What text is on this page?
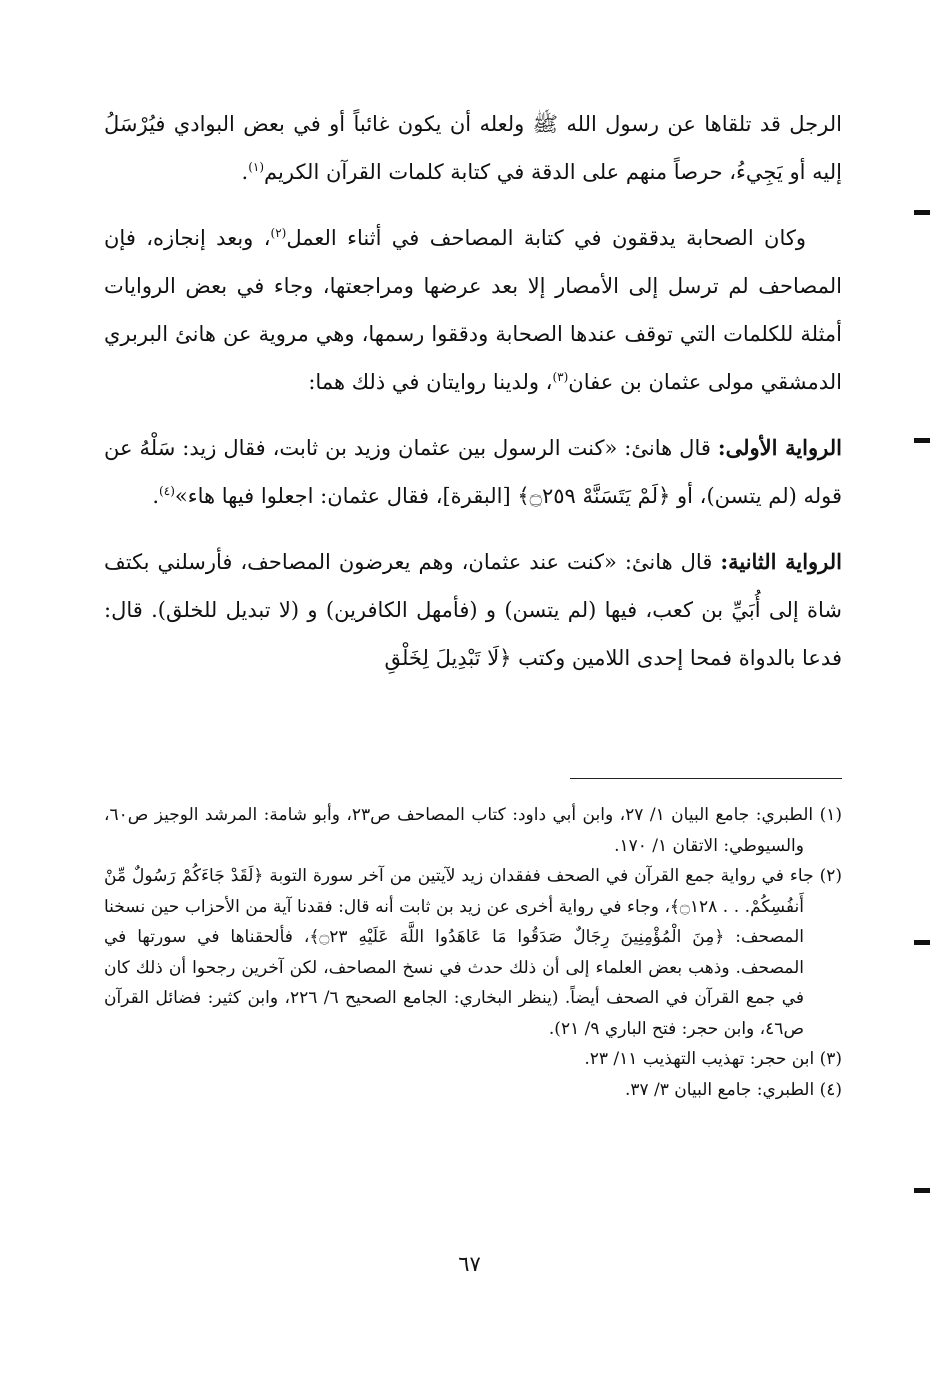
الرجل قد تلقاها عن رسول الله ﷺ ولعله أن يكون غائباً أو في بعض البوادي فيُرْسَلُ إليه أو يَجِيءُ، حرصاً منهم على الدقة في كتابة كلمات القرآن الكريم$^{(١)}$.

وكان الصحابة يدققون في كتابة المصاحف في أثناء العمل$^{(٢)}$، وبعد إنجازه، فإن المصاحف لم ترسل إلى الأمصار إلا بعد عرضها ومراجعتها، وجاء في بعض الروايات أمثلة للكلمات التي توقف عندها الصحابة ودققوا رسمها، وهي مروية عن هانئ البربري الدمشقي مولى عثمان بن عفان$^{(٣)}$، ولدينا روايتان في ذلك هما:

الرواية الأولى: قال هانئ: «كنت الرسول بين عثمان وزيد بن ثابت، فقال زيد: سَلْهُ عن قوله (لم يتسن)، أو ﴿لَمْ يَتَسَنَّهْ ۝٢٥٩﴾ [البقرة]، فقال عثمان: اجعلوا فيها هاء»$^{(٤)}$.

الرواية الثانية: قال هانئ: «كنت عند عثمان، وهم يعرضون المصاحف، فأرسلني بكتف شاة إلى أُبَيِّ بن كعب، فيها (لم يتسن) و (فأمهل الكافرين) و (لا تبديل للخلق). قال: فدعا بالدواة فمحا إحدى اللامين وكتب ﴿لَا تَبْدِيلَ لِخَلْقِ

(١) الطبري: جامع البيان ١/ ٢٧، وابن أبي داود: كتاب المصاحف ص٢٣، وأبو شامة: المرشد الوجيز ص٦٠، والسيوطي: الاتقان ١/ ١٧٠.
(٢) جاء في رواية جمع القرآن في الصحف ففقدان زيد لآيتين من آخر سورة التوبة ﴿لَقَدْ جَاءَكُمْ رَسُولٌ مِّنْ أَنفُسِكُمْ. . . ۝١٢٨﴾، وجاء في رواية أخرى عن زيد بن ثابت أنه قال: فقدنا آية من الأحزاب حين نسخنا المصحف: ﴿مِنَ الْمُؤْمِنِينَ رِجَالٌ صَدَقُوا مَا عَاهَدُوا اللَّهَ عَلَيْهِ ۝٢٣﴾، فألحقناها في سورتها في المصحف. وذهب بعض العلماء إلى أن ذلك حدث في نسخ المصاحف، لكن آخرين رجحوا أن ذلك كان في جمع القرآن في الصحف أيضاً. (ينظر البخاري: الجامع الصحيح ٦/ ٢٢٦، وابن كثير: فضائل القرآن ص٤٦، وابن حجر: فتح الباري ٩/ ٢١).
(٣) ابن حجر: تهذيب التهذيب ١١/ ٢٣.
(٤) الطبري: جامع البيان ٣/ ٣٧.
٦٧
